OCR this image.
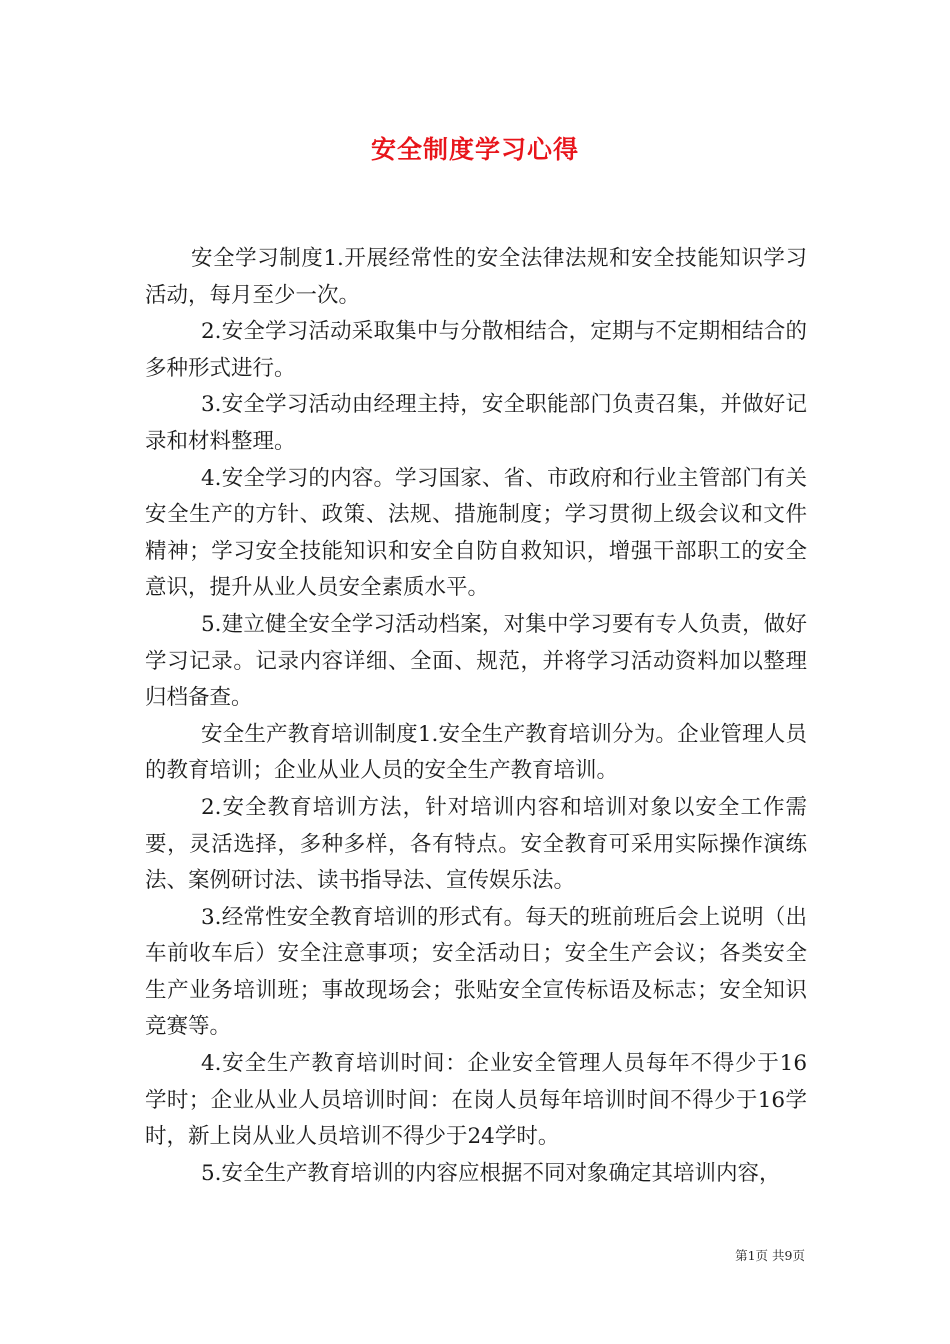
安全制度学习心得

安全学习制度1.开展经常性的安全法律法规和安全技能知识学习活动，每月至少一次。

2.安全学习活动采取集中与分散相结合，定期与不定期相结合的多种形式进行。

3.安全学习活动由经理主持，安全职能部门负责召集，并做好记录和材料整理。

4.安全学习的内容。学习国家、省、市政府和行业主管部门有关安全生产的方针、政策、法规、措施制度；学习贯彻上级会议和文件精神；学习安全技能知识和安全自防自救知识，增强干部职工的安全意识，提升从业人员安全素质水平。

5.建立健全安全学习活动档案，对集中学习要有专人负责，做好学习记录。记录内容详细、全面、规范，并将学习活动资料加以整理归档备查。

安全生产教育培训制度1.安全生产教育培训分为。企业管理人员的教育培训；企业从业人员的安全生产教育培训。

2.安全教育培训方法，针对培训内容和培训对象以安全工作需要，灵活选择，多种多样，各有特点。安全教育可采用实际操作演练法、案例研讨法、读书指导法、宣传娱乐法。

3.经常性安全教育培训的形式有。每天的班前班后会上说明（出车前收车后）安全注意事项；安全活动日；安全生产会议；各类安全生产业务培训班；事故现场会；张贴安全宣传标语及标志；安全知识竞赛等。

4.安全生产教育培训时间：企业安全管理人员每年不得少于16学时；企业从业人员培训时间：在岗人员每年培训时间不得少于16学时，新上岗从业人员培训不得少于24学时。

5.安全生产教育培训的内容应根据不同对象确定其培训内容，

第1页 共9页
